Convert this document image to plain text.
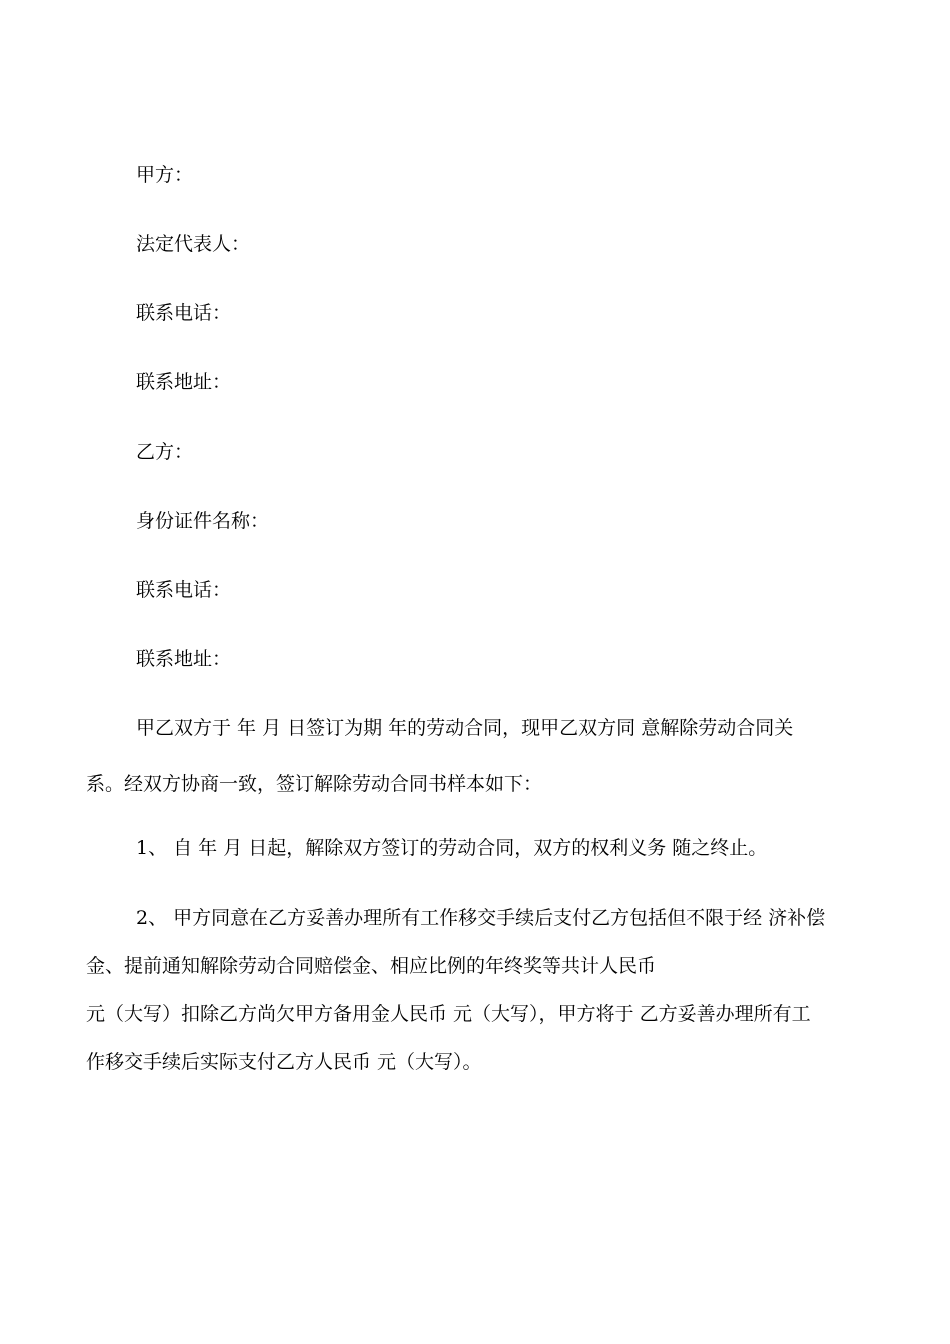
甲方：
法定代表人：
联系电话：
联系地址：
乙方：
身份证件名称：
联系电话：
联系地址：
甲乙双方于 年 月 日签订为期 年的劳动合同，现甲乙双方同 意解除劳动合同关
系。经双方协商一致，签订解除劳动合同书样本如下：
1、 自 年 月 日起，解除双方签订的劳动合同，双方的权利义务 随之终止。
2、 甲方同意在乙方妥善办理所有工作移交手续后支付乙方包括但不限于经 济补偿
金、提前通知解除劳动合同赔偿金、相应比例的年终奖等共计人民币
元（大写）扣除乙方尚欠甲方备用金人民币 元（大写），甲方将于 乙方妥善办理所有工
作移交手续后实际支付乙方人民币 元（大写）。
